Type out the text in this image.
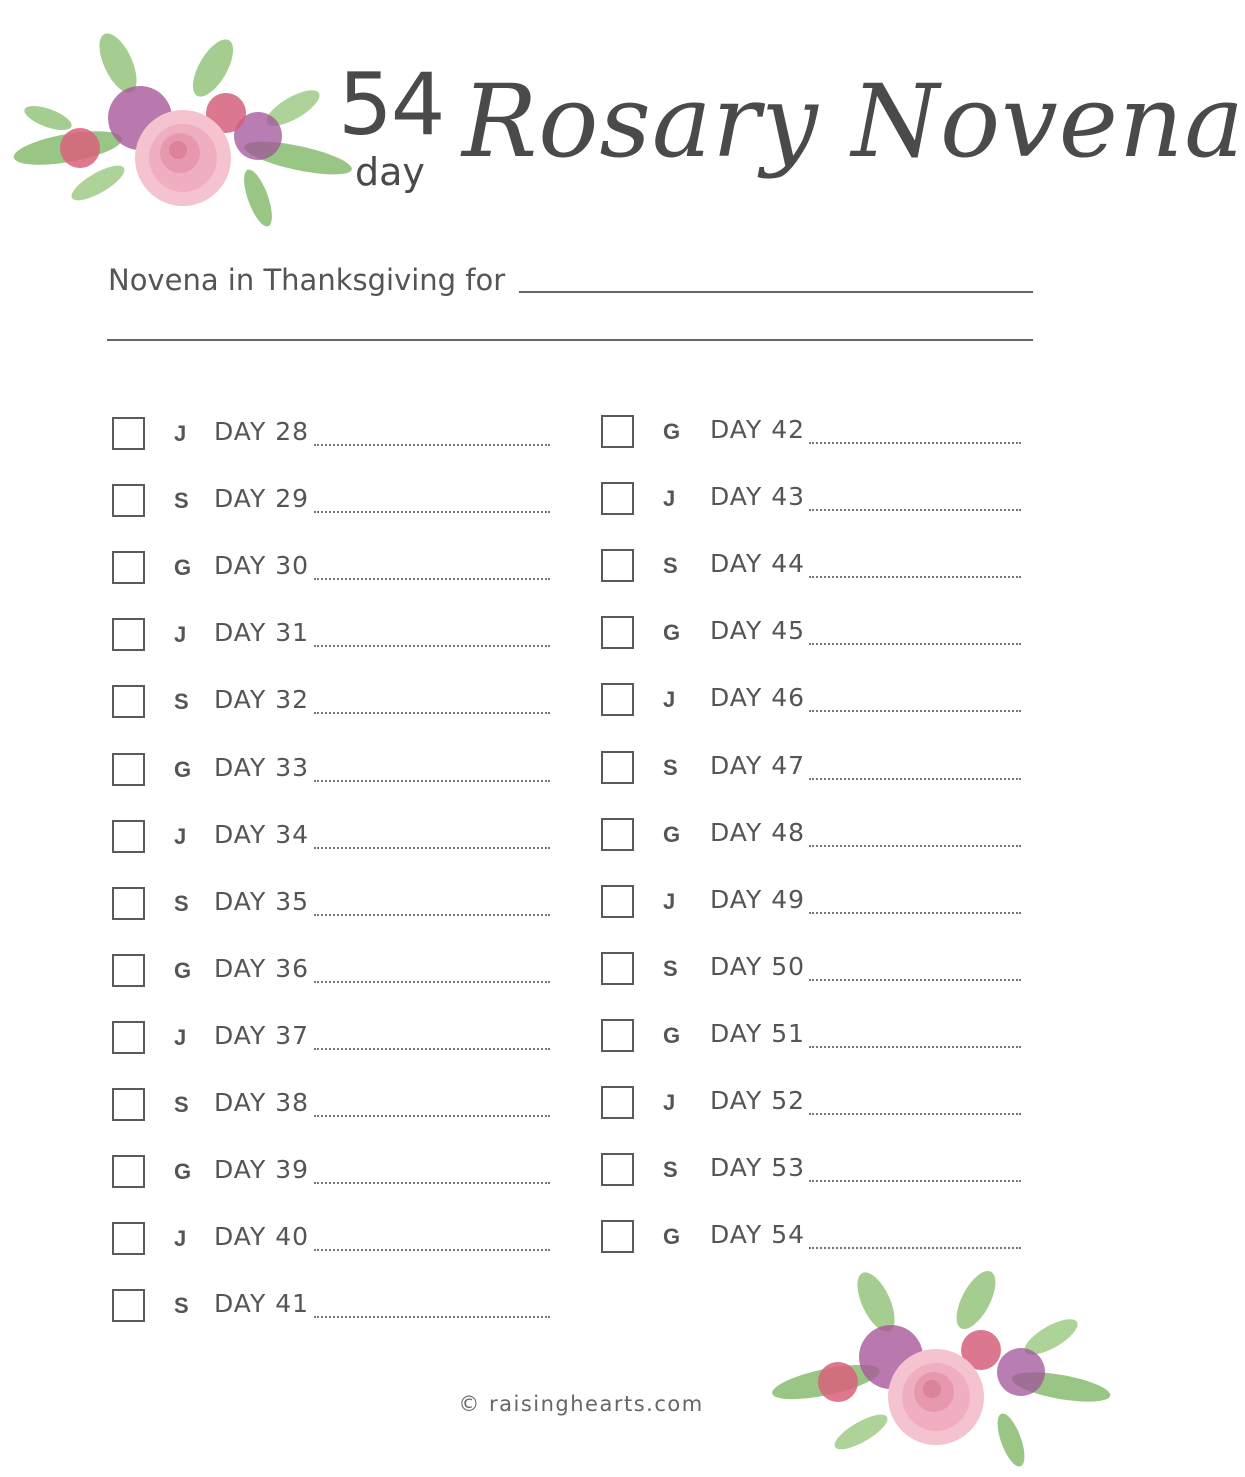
54
day Rosary Novena
Novena in Thanksgiving for
J DAY 28
S DAY 29
G DAY 30
J DAY 31
S DAY 32
G DAY 33
J DAY 34
S DAY 35
G DAY 36
J DAY 37
S DAY 38
G DAY 39
J DAY 40
S DAY 41
G DAY 42
J DAY 43
S DAY 44
G DAY 45
J DAY 46
S DAY 47
G DAY 48
J DAY 49
S DAY 50
G DAY 51
J DAY 52
S DAY 53
G DAY 54
© raisinghearts.com
